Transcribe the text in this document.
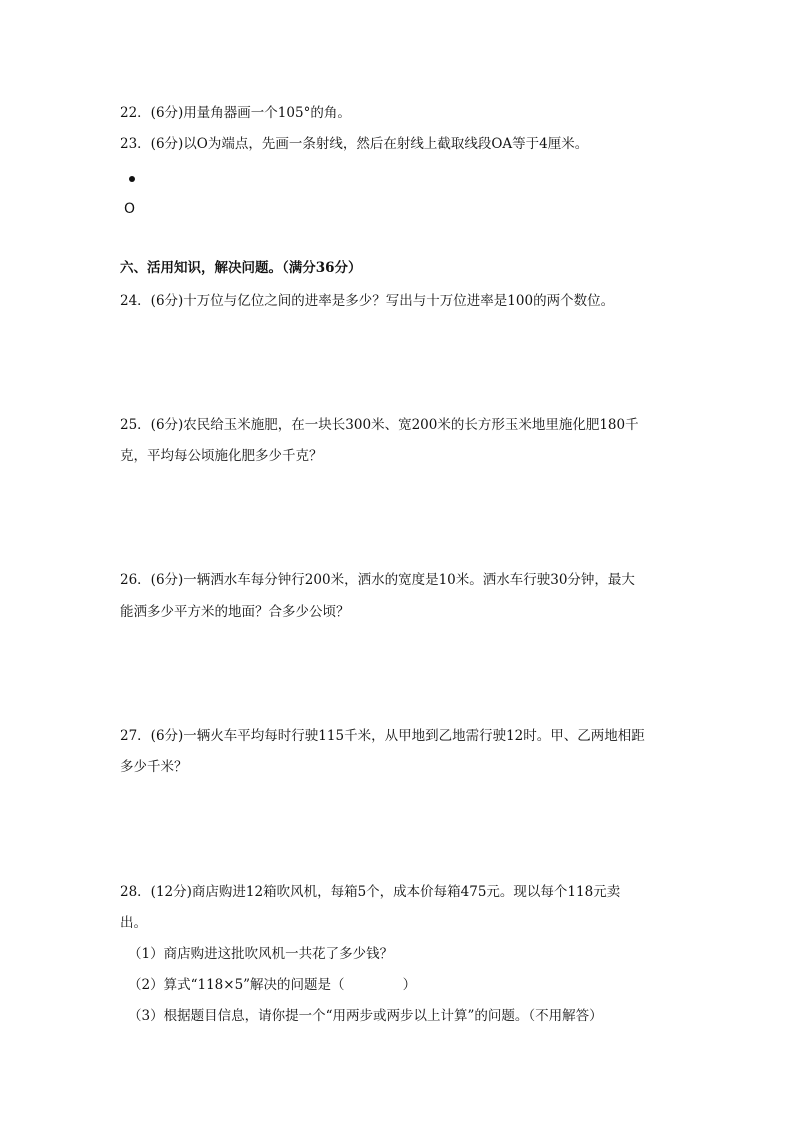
22．(6分)用量角器画一个105°的角。
23．(6分)以O为端点，先画一条射线，然后在射线上截取线段OA等于4厘米。
O
六、活用知识，解决问题。（满分36分）
24．(6分)十万位与亿位之间的进率是多少？写出与十万位进率是100的两个数位。
25．(6分)农民给玉米施肥，在一块长300米、宽200米的长方形玉米地里施化肥180千
克，平均每公顷施化肥多少千克？
26．(6分)一辆洒水车每分钟行200米，洒水的宽度是10米。洒水车行驶30分钟，最大
能洒多少平方米的地面？合多少公顷？
27．(6分)一辆火车平均每时行驶115千米，从甲地到乙地需行驶12时。甲、乙两地相距
多少千米？
28．(12分)商店购进12箱吹风机，每箱5个，成本价每箱475元。现以每个118元卖
出。
（1）商店购进这批吹风机一共花了多少钱？
（2）算式“118×5”解决的问题是（	）
（3）根据题目信息，请你提一个“用两步或两步以上计算”的问题。（不用解答）
